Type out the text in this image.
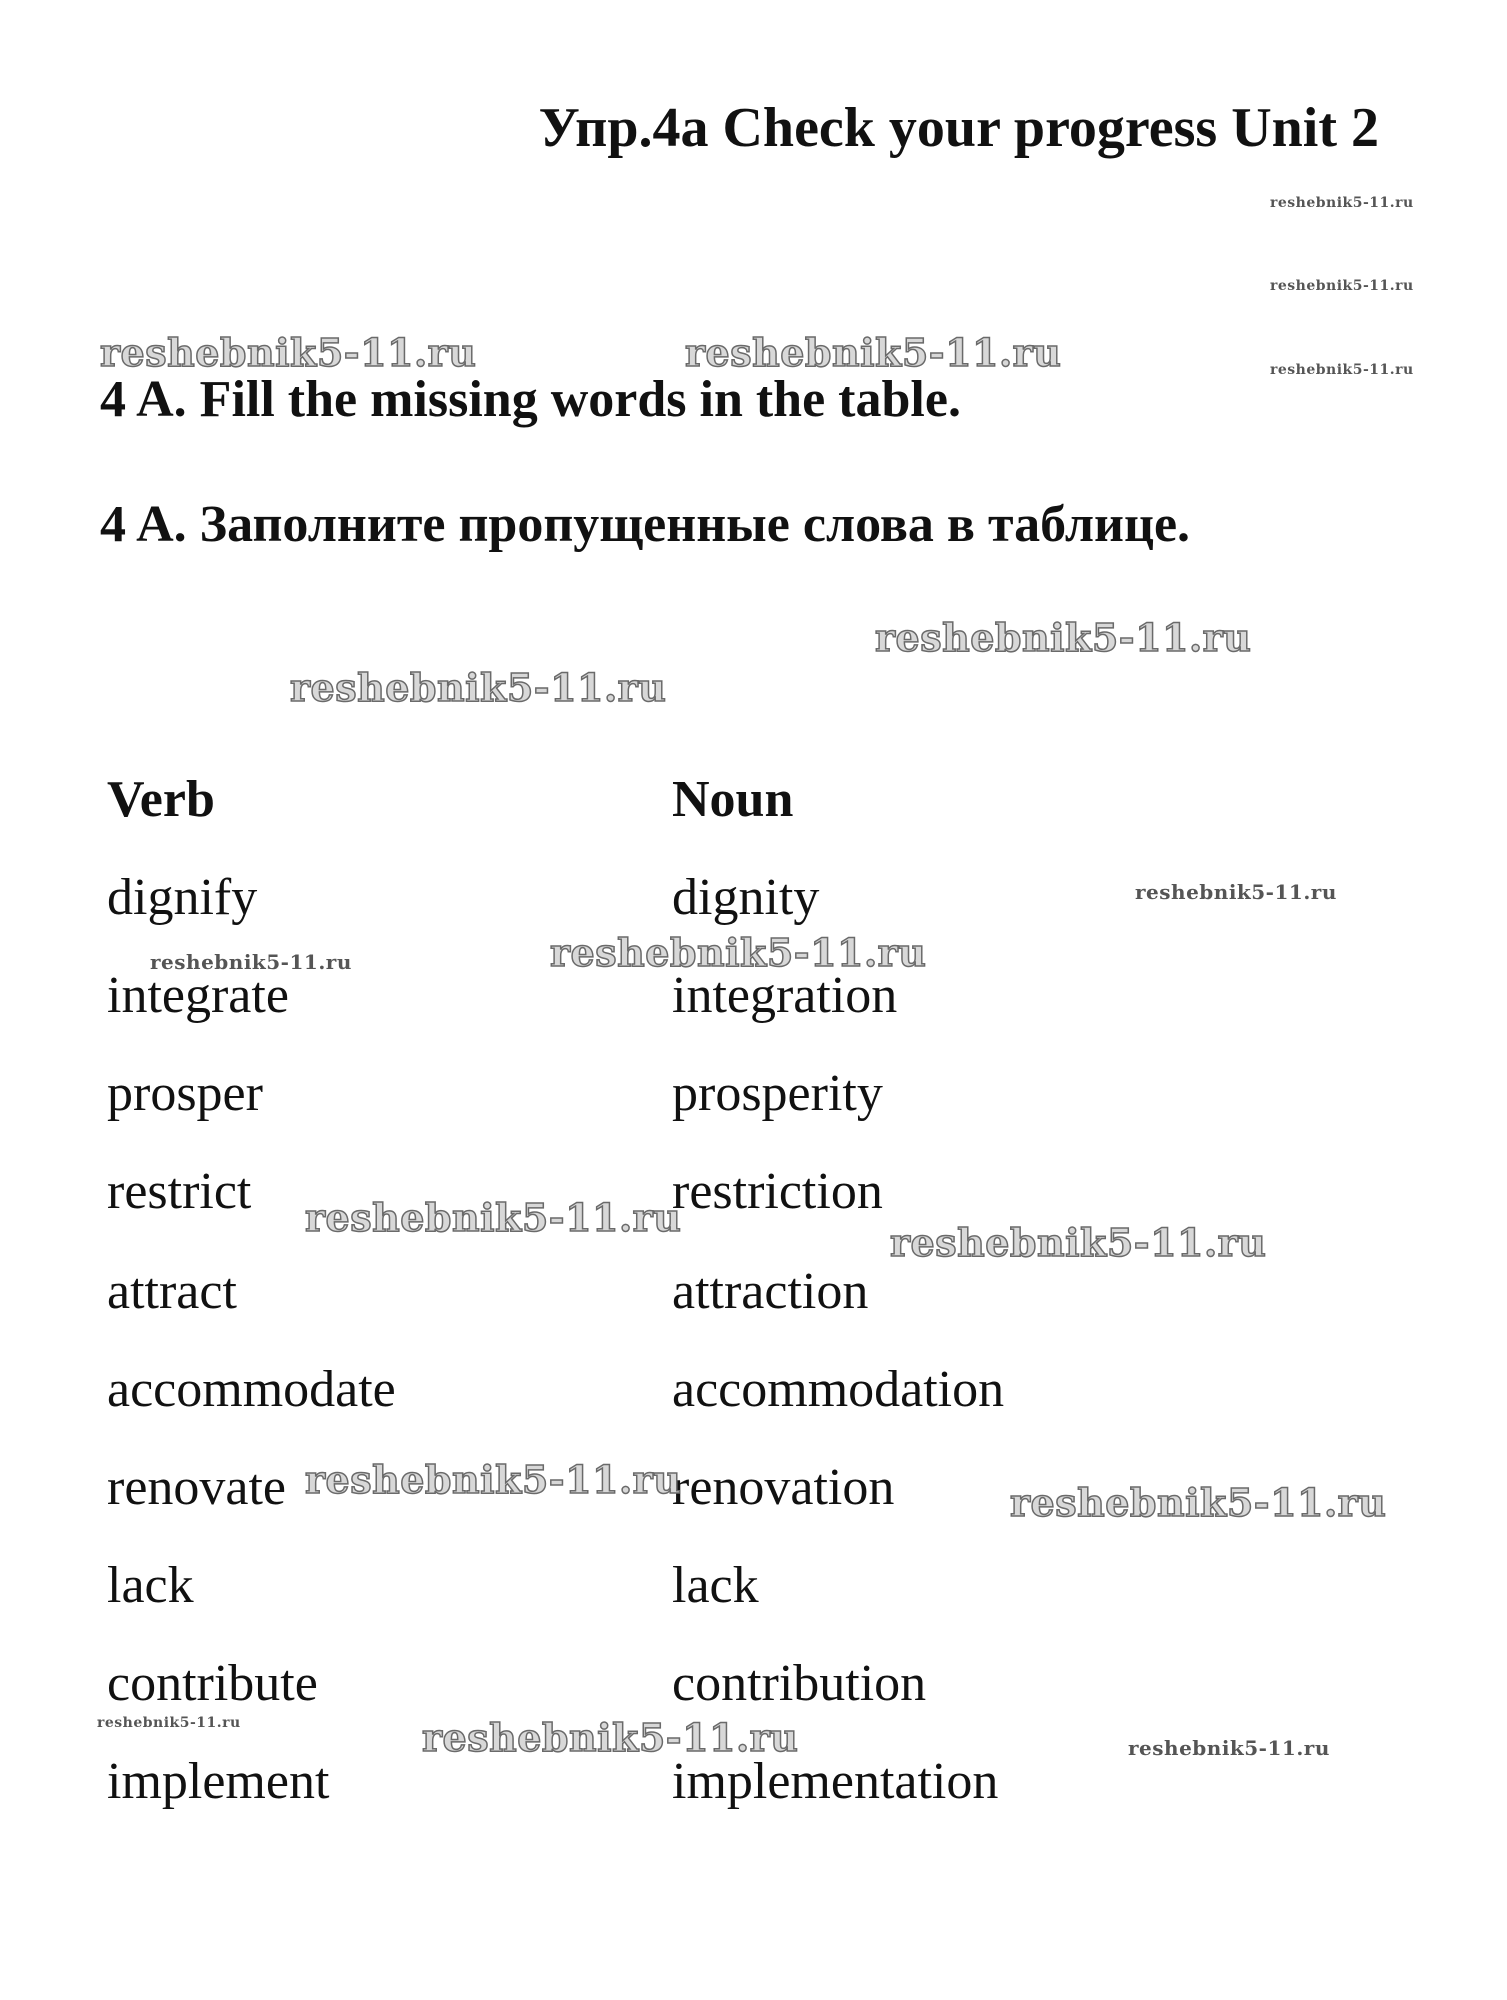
Упр.4a Check your progress Unit 2
reshebnik5-11.ru
reshebnik5-11.ru
reshebnik5-11.ru
reshebnik5-11.ru	reshebnik5-11.ru
4 A. Fill the missing words in the table.
4 A. Заполните пропущенные слова в таблице.
reshebnik5-11.ru
reshebnik5-11.ru
Verb	Noun
dignify	dignity
integrate	integration
prosper	prosperity
restrict	restriction
attract	attraction
accommodate	accommodation
renovate	renovation
lack	lack
contribute	contribution
implement	implementation
reshebnik5-11.ru
reshebnik5-11.ru	reshebnik5-11.ru
reshebnik5-11.ru
reshebnik5-11.ru
reshebnik5-11.ru
reshebnik5-11.ru
reshebnik5-11.ru	reshebnik5-11.ru	reshebnik5-11.ru
